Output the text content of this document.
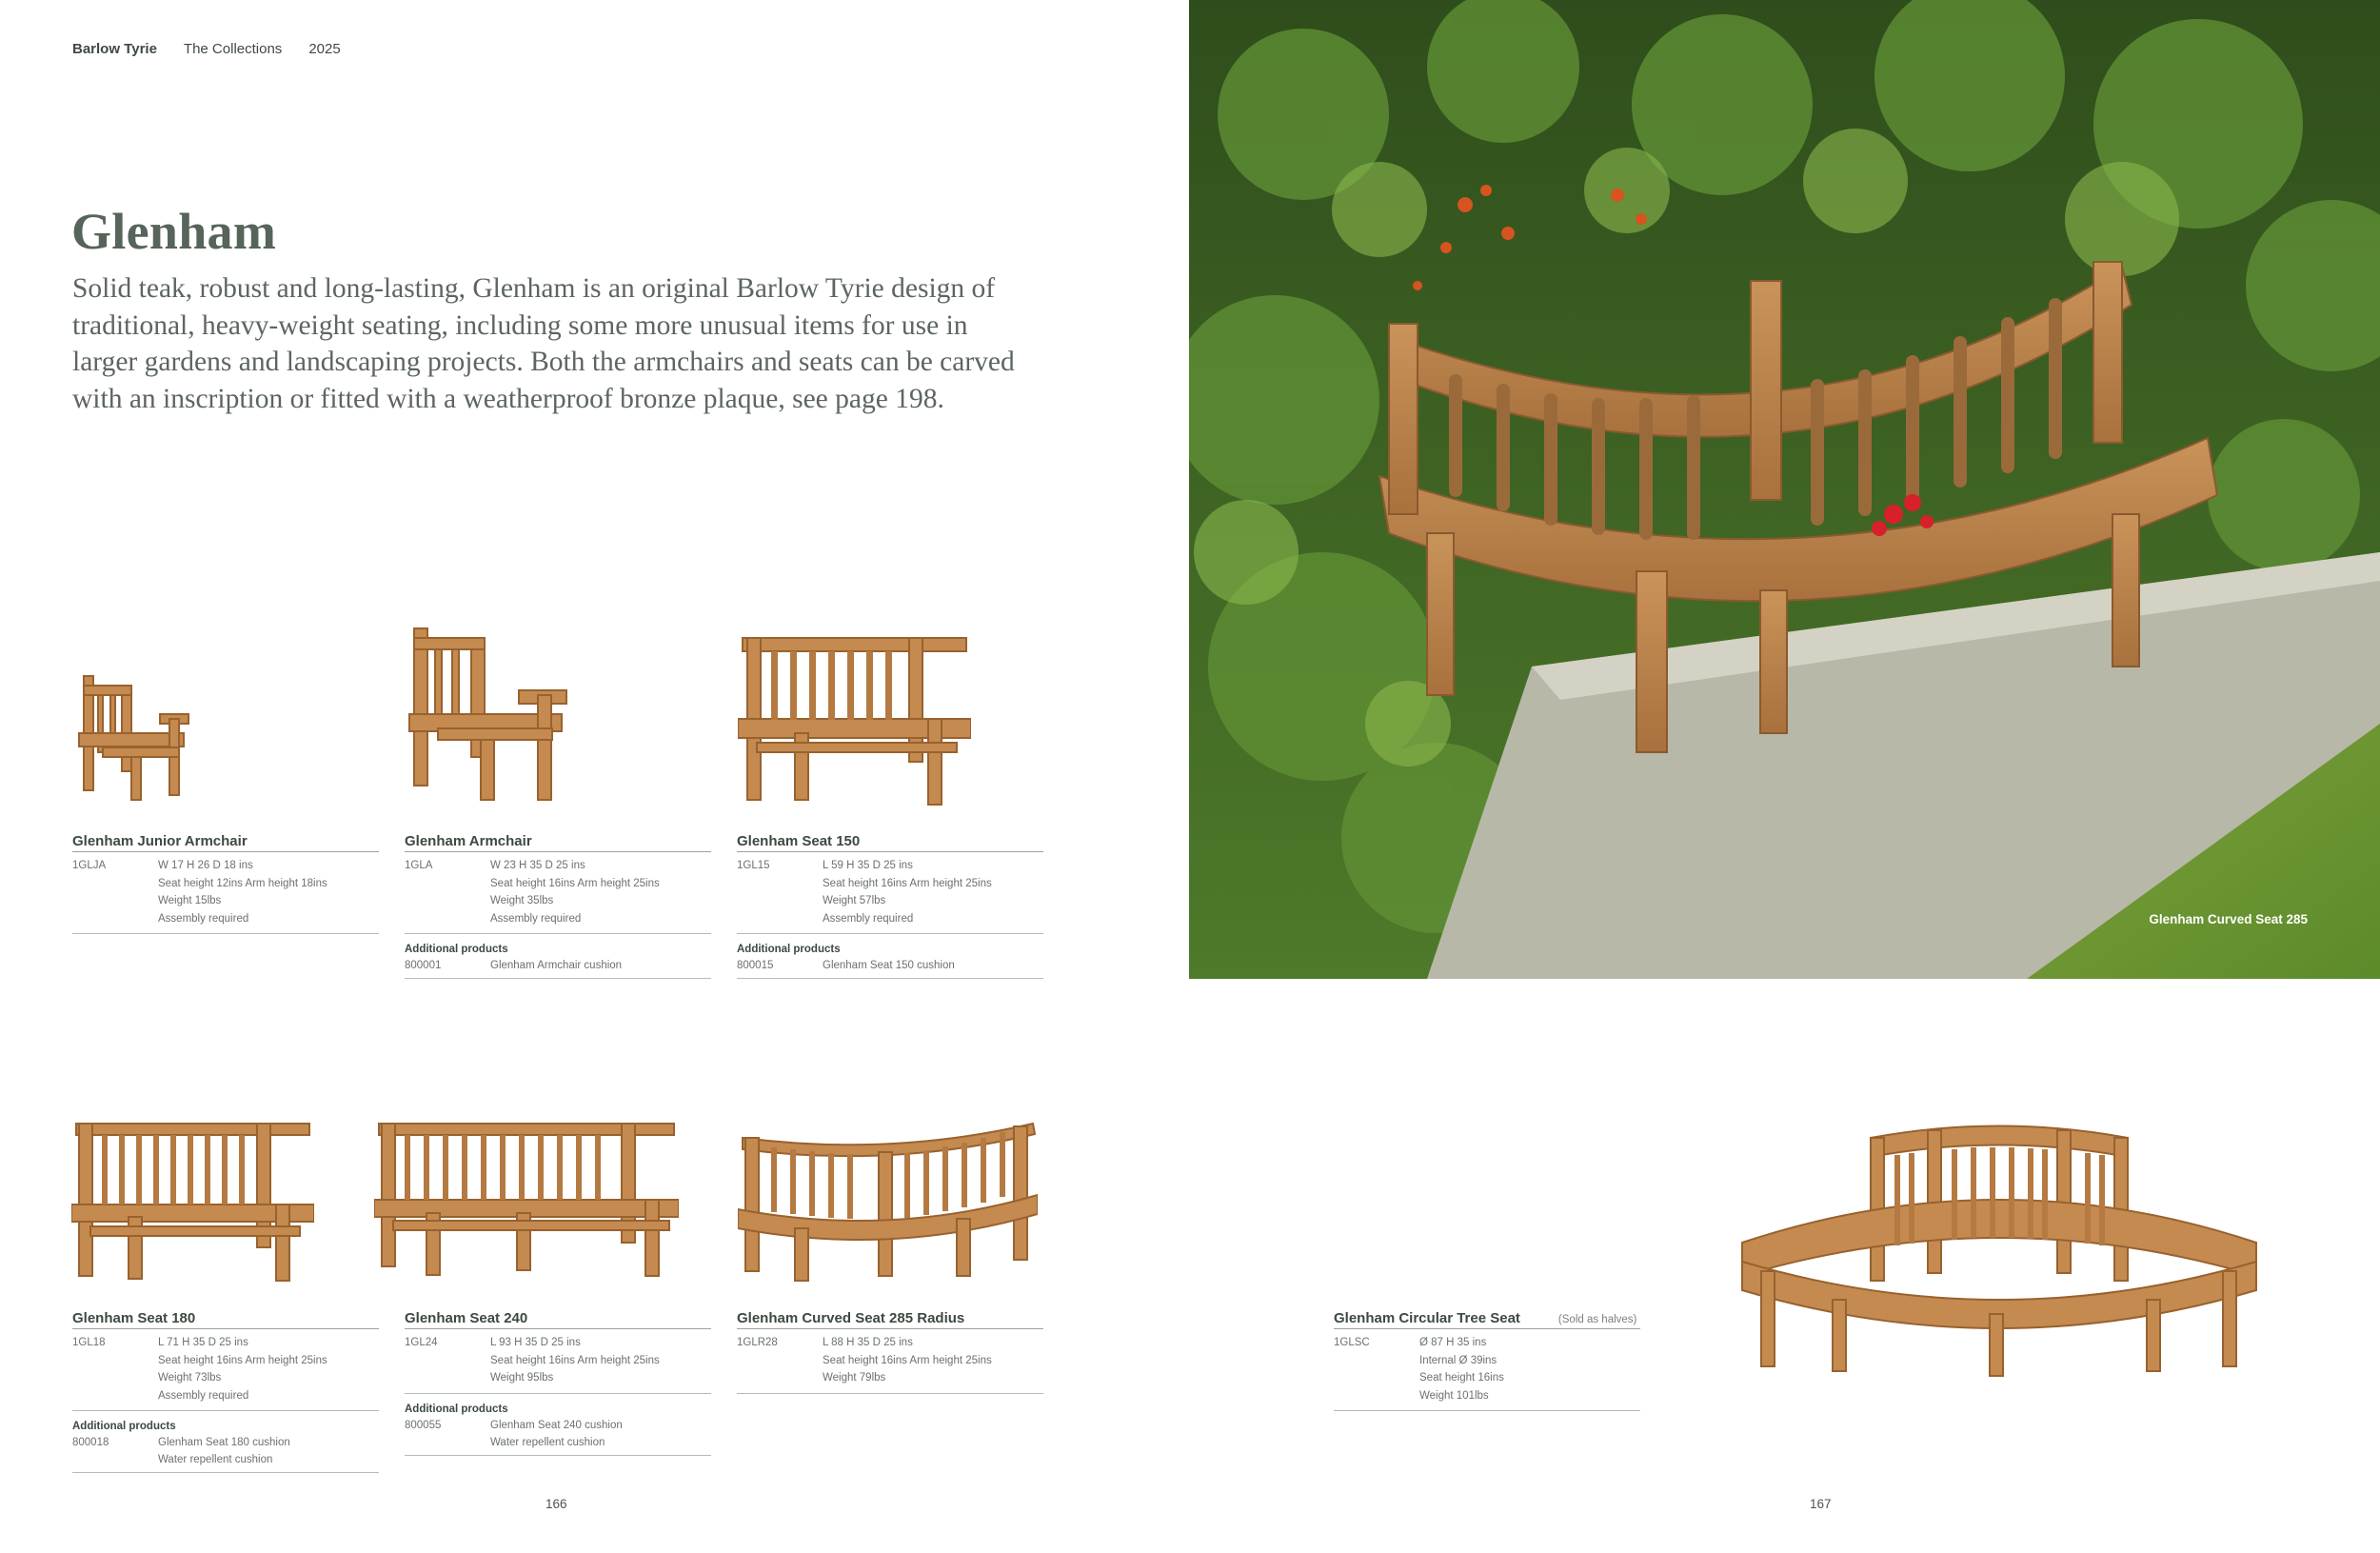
Barlow Tyrie The Collections 2025
Glenham

Solid teak, robust and long-lasting, Glenham is an original Barlow Tyrie design of traditional, heavy-weight seating, including some more unusual items for use in larger gardens and landscaping projects. Both the armchairs and seats can be carved with an inscription or fitted with a weatherproof bronze plaque, see page 198.

Glenham Curved Seat 285
Glenham Junior Armchair
1GLJA	W 17 H 26 D 18 ins
Seat height 12ins Arm height 18ins
Weight 15lbs
Assembly required
Glenham Armchair
1GLA	W 23 H 35 D 25 ins
Seat height 16ins Arm height 25ins
Weight 35lbs
Assembly required
Additional products
800001	Glenham Armchair cushion
Glenham Seat 150
1GL15	L 59 H 35 D 25 ins
Seat height 16ins Arm height 25ins
Weight 57lbs
Assembly required
Additional products
800015	Glenham Seat 150 cushion
Glenham Seat 180
1GL18	L 71 H 35 D 25 ins
Seat height 16ins Arm height 25ins
Weight 73lbs
Assembly required
Additional products
800018	Glenham Seat 180 cushion
Water repellent cushion
Glenham Seat 240
1GL24	L 93 H 35 D 25 ins
Seat height 16ins Arm height 25ins
Weight 95lbs
Additional products
800055	Glenham Seat 240 cushion
Water repellent cushion
Glenham Curved Seat 285 Radius
1GLR28	L 88 H 35 D 25 ins
Seat height 16ins Arm height 25ins
Weight 79lbs
Glenham Circular Tree Seat	(Sold as halves)
1GLSC	Ø 87 H 35 ins
Internal Ø 39ins
Seat height 16ins
Weight 101lbs
166	167
